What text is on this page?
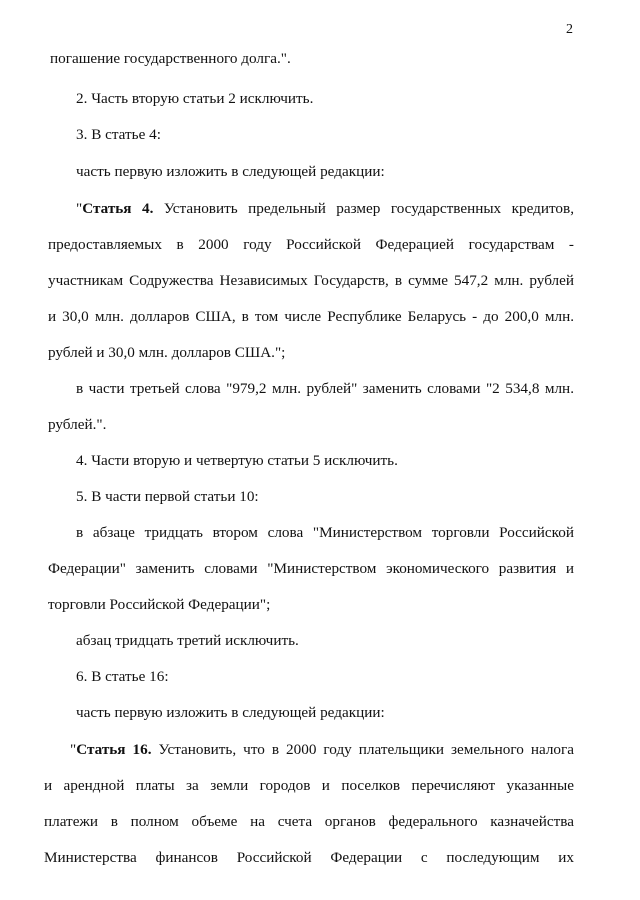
2
погашение государственного долга.".
2. Часть вторую статьи 2 исключить.
3. В статье 4:
часть первую изложить в следующей редакции:
"Статья 4. Установить предельный размер государственных кредитов,
предоставляемых в 2000 году Российской Федерацией государствам -
участникам Содружества Независимых Государств, в сумме 547,2 млн. рублей
и 30,0 млн. долларов США, в том числе Республике Беларусь - до 200,0 млн.
рублей и 30,0 млн. долларов США.";
в части третьей слова "979,2 млн. рублей" заменить словами "2 534,8 млн.
рублей.".
4. Части вторую и четвертую статьи 5 исключить.
5. В части первой статьи 10:
в абзаце тридцать втором слова "Министерством торговли Российской
Федерации" заменить словами "Министерством экономического развития и
торговли Российской Федерации";
абзац тридцать третий исключить.
6. В статье 16:
часть первую изложить в следующей редакции:
"Статья 16. Установить, что в 2000 году плательщики земельного налога
и арендной платы за земли городов и поселков перечисляют указанные
платежи в полном объеме на счета органов федерального казначейства
Министерства финансов Российской Федерации с последующим их
